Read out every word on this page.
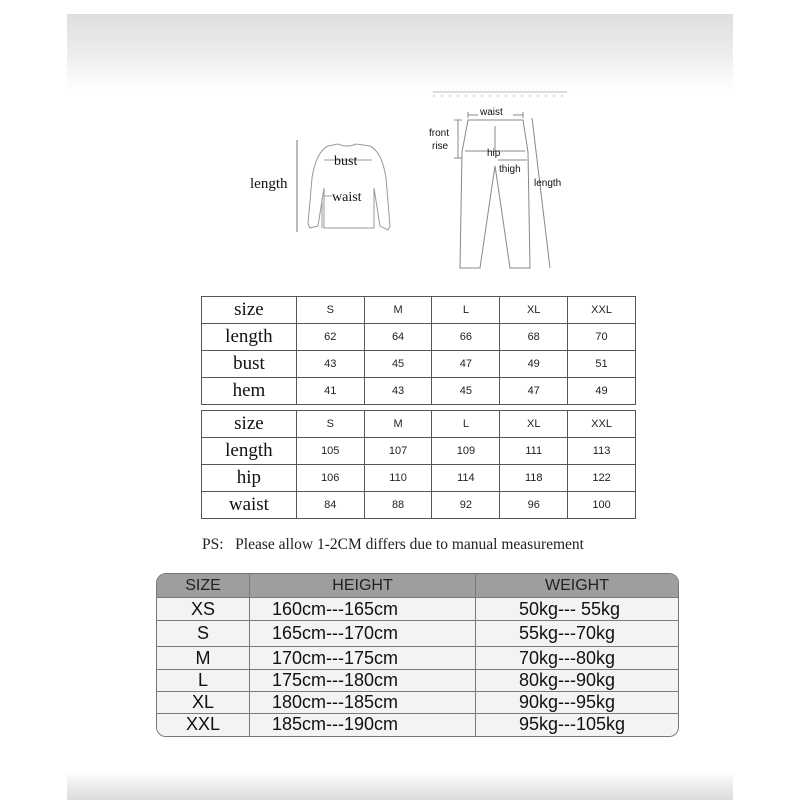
length
bust
waist
waist
front
rise
hip
thigh
length
size	S	M	L	XL	XXL
length	62	64	66	68	70
bust	43	45	47	49	51
hem	41	43	45	47	49
size	S	M	L	XL	XXL
length	105	107	109	111	113
hip	106	110	114	118	122
waist	84	88	92	96	100
PS:   Please allow 1-2CM differs due to manual measurement
SIZE	HEIGHT	WEIGHT
XS	160cm---165cm	50kg--- 55kg
S	165cm---170cm	55kg---70kg
M	170cm---175cm	70kg---80kg
L	175cm---180cm	80kg---90kg
XL	180cm---185cm	90kg---95kg
XXL	185cm---190cm	95kg---105kg
